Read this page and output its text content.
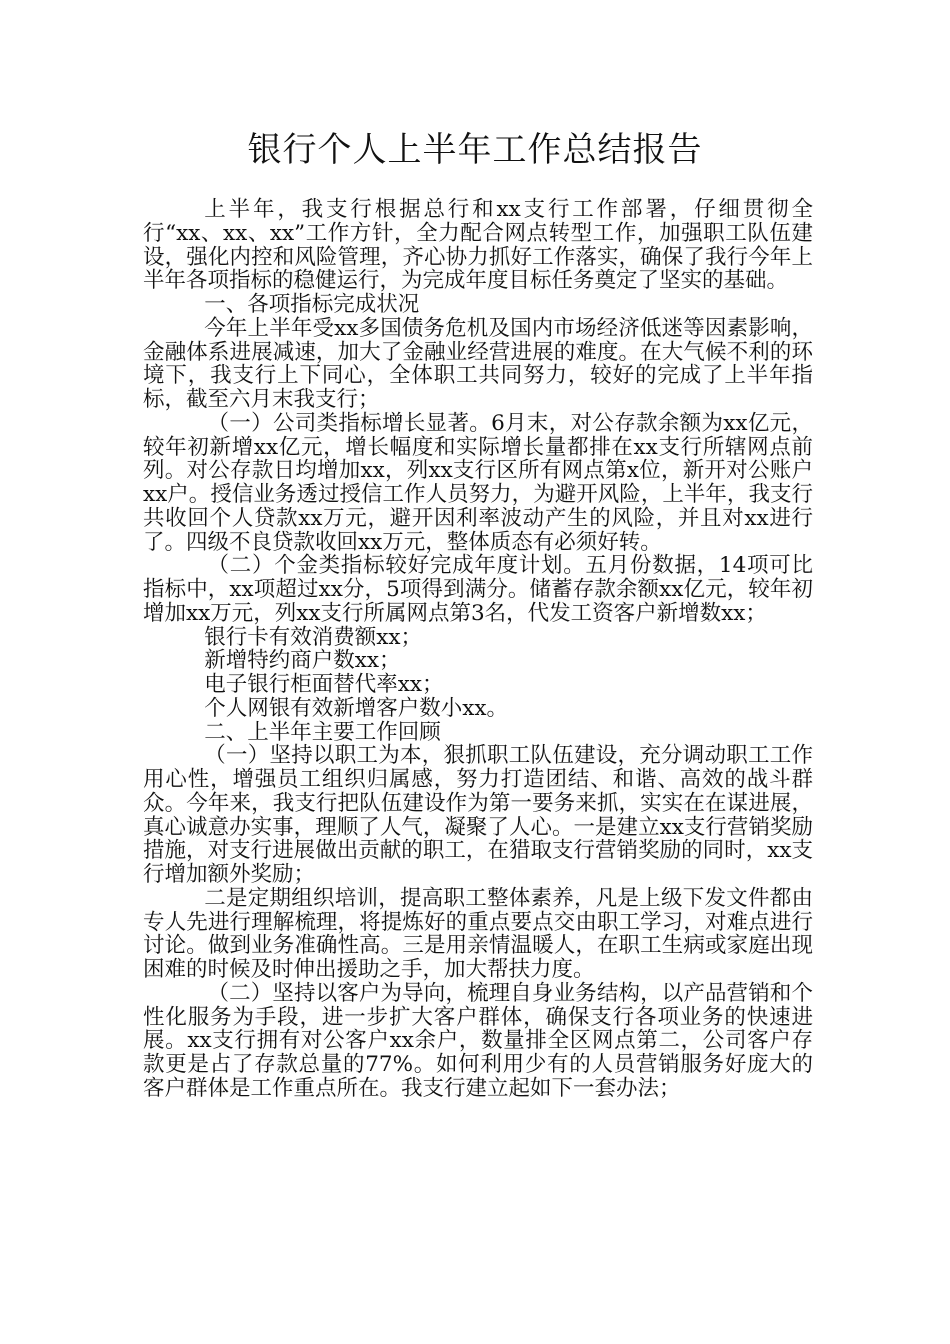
银行个人上半年工作总结报告

上半年，我支行根据总行和xx支行工作部署，仔细贯彻全行“xx、xx、xx”工作方针，全力配合网点转型工作，加强职工队伍建设，强化内控和风险管理，齐心协力抓好工作落实，确保了我行今年上半年各项指标的稳健运行，为完成年度目标任务奠定了坚实的基础。

一、各项指标完成状况

今年上半年受xx多国债务危机及国内市场经济低迷等因素影响，金融体系进展减速，加大了金融业经营进展的难度。在大气候不利的环境下，我支行上下同心，全体职工共同努力，较好的完成了上半年指标，截至六月末我支行；

（一）公司类指标增长显著。6月末，对公存款余额为xx亿元，较年初新增xx亿元，增长幅度和实际增长量都排在xx支行所辖网点前列。对公存款日均增加xx，列xx支行区所有网点第x位，新开对公账户xx户。授信业务透过授信工作人员努力，为避开风险，上半年，我支行共收回个人贷款xx万元，避开因利率波动产生的风险，并且对xx进行了。四级不良贷款收回xx万元，整体质态有必须好转。

（二）个金类指标较好完成年度计划。五月份数据，14项可比指标中，xx项超过xx分，5项得到满分。储蓄存款余额xx亿元，较年初增加xx万元，列xx支行所属网点第3名，代发工资客户新增数xx；

银行卡有效消费额xx；

新增特约商户数xx；

电子银行柜面替代率xx；

个人网银有效新增客户数小xx。

二、上半年主要工作回顾

（一）坚持以职工为本，狠抓职工队伍建设，充分调动职工工作用心性，增强员工组织归属感，努力打造团结、和谐、高效的战斗群众。今年来，我支行把队伍建设作为第一要务来抓，实实在在谋进展，真心诚意办实事，理顺了人气，凝聚了人心。一是建立xx支行营销奖励措施，对支行进展做出贡献的职工，在猎取支行营销奖励的同时，xx支行增加额外奖励；

二是定期组织培训，提高职工整体素养，凡是上级下发文件都由专人先进行理解梳理，将提炼好的重点要点交由职工学习，对难点进行讨论。做到业务准确性高。三是用亲情温暖人，在职工生病或家庭出现困难的时候及时伸出援助之手，加大帮扶力度。

（二）坚持以客户为导向，梳理自身业务结构，以产品营销和个性化服务为手段，进一步扩大客户群体，确保支行各项业务的快速进展。xx支行拥有对公客户xx余户，数量排全区网点第二，公司客户存款更是占了存款总量的77%。如何利用少有的人员营销服务好庞大的客户群体是工作重点所在。我支行建立起如下一套办法；
